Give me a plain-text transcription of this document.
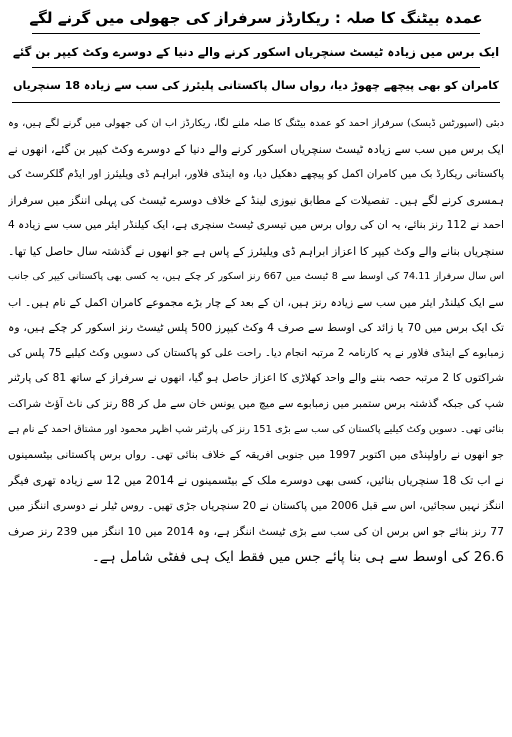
عمدہ بیٹنگ کا صلہ : ریکارڈز سرفراز کی جھولی میں گرنے لگے
ایک برس میں زیادہ ٹیسٹ سنچریاں اسکور کرنے والے دنیا کے دوسرے وکٹ کیپر بن گئے
کامران کو بھی پیچھے چھوڑ دیا، رواں سال پاکستانی پلیئرز کی سب سے زیادہ 18 سنچریاں
دبئی (اسپورٹس ڈیسک) سرفراز احمد کو عمدہ بیٹنگ کا صلہ ملنے لگا، ریکارڈز اب ان کی جھولی میں گرنے لگے ہیں، وہ
ایک برس میں سب سے زیادہ ٹیسٹ سنچریاں اسکور کرنے والے دنیا کے دوسرے وکٹ کیپر بن گئے، انھوں نے
پاکستانی ریکارڈ بک میں کامران اکمل کو پیچھے دھکیل دیا، وہ اینڈی فلاور، ابراہم ڈی ویلیئرز اور ایڈم گلکرسٹ کی
ہمسری کرنے لگے ہیں۔ تفصیلات کے مطابق نیوزی لینڈ کے خلاف دوسرے ٹیسٹ کی پہلی اننگز میں سرفراز
احمد نے 112 رنز بنائے، یہ ان کی رواں برس میں تیسری ٹیسٹ سنچری ہے، ایک کیلنڈر ایئر میں سب سے زیادہ 4
سنچریاں بنانے والے وکٹ کیپر کا اعزاز ابراہم ڈی ویلیئرز کے پاس ہے جو انھوں نے گذشتہ سال حاصل کیا تھا۔
اس سال سرفراز 74.11 کی اوسط سے 8 ٹیسٹ میں 667 رنز اسکور کر چکے ہیں، یہ کسی بھی پاکستانی کیپر کی جانب
سے ایک کیلنڈر ایئر میں سب سے زیادہ رنز ہیں، ان کے بعد کے چار بڑے مجموعے کامران اکمل کے نام ہیں۔ اب
تک ایک برس میں 70 یا زائد کی اوسط سے صرف 4 وکٹ کیپرز 500 پلس ٹیسٹ رنز اسکور کر چکے ہیں، وہ
زمبابوے کے اینڈی فلاور نے یہ کارنامہ 2 مرتبہ انجام دیا۔ راحت علی کو پاکستان کی دسویں وکٹ کیلیے 75 پلس کی
شراکتوں کا 2 مرتبہ حصہ بننے والے واحد کھلاڑی کا اعزاز حاصل ہو گیا، انھوں نے سرفراز کے ساتھ 81 کی پارٹنر
شپ کی جبکہ گذشتہ برس ستمبر میں زمبابوے سے میچ میں یونس خان سے مل کر 88 رنز کی ناٹ آؤٹ شراکت
بنائی تھی۔ دسویں وکٹ کیلیے پاکستان کی سب سے بڑی 151 رنز کی پارٹنر شپ اظہر محمود اور مشتاق احمد کے نام ہے
جو انھوں نے راولپنڈی میں اکتوبر 1997 میں جنوبی افریقہ کے خلاف بنائی تھی۔ رواں برس پاکستانی بیٹسمینوں
نے اب تک 18 سنچریاں بنائیں، کسی بھی دوسرے ملک کے بیٹسمینوں نے 2014 میں 12 سے زیادہ تھری فیگر
اننگز نہیں سجائیں، اس سے قبل 2006 میں پاکستان نے 20 سنچریاں جڑی تھیں۔ روس ٹیلر نے دوسری اننگز میں
77 رنز بنائے جو اس برس ان کی سب سے بڑی ٹیسٹ اننگز ہے، وہ 2014 میں 10 اننگز میں 239 رنز صرف
26.6 کی اوسط سے ہی بنا پائے جس میں فقط ایک ہی ففٹی شامل ہے۔
